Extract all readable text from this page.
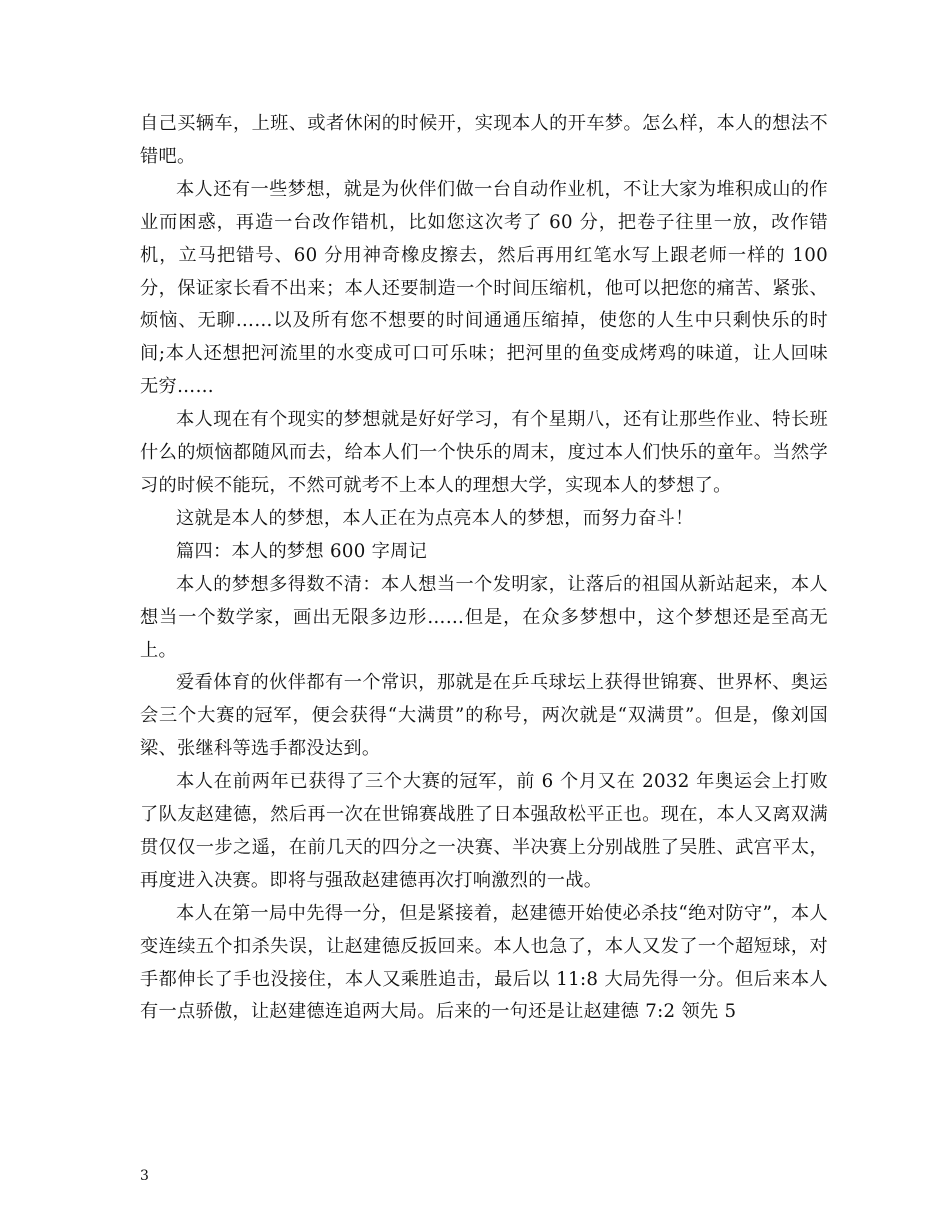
自己买辆车，上班、或者休闲的时候开，实现本人的开车梦。怎么样，本人的想法不错吧。

本人还有一些梦想，就是为伙伴们做一台自动作业机，不让大家为堆积成山的作业而困惑，再造一台改作错机，比如您这次考了 60 分，把卷子往里一放，改作错机，立马把错号、60 分用神奇橡皮擦去，然后再用红笔水写上跟老师一样的 100 分，保证家长看不出来；本人还要制造一个时间压缩机，他可以把您的痛苦、紧张、烦恼、无聊……以及所有您不想要的时间通通压缩掉，使您的人生中只剩快乐的时间;本人还想把河流里的水变成可口可乐味；把河里的鱼变成烤鸡的味道，让人回味无穷……

本人现在有个现实的梦想就是好好学习，有个星期八，还有让那些作业、特长班什么的烦恼都随风而去，给本人们一个快乐的周末，度过本人们快乐的童年。当然学习的时候不能玩，不然可就考不上本人的理想大学，实现本人的梦想了。

这就是本人的梦想，本人正在为点亮本人的梦想，而努力奋斗！

篇四：本人的梦想 600 字周记

本人的梦想多得数不清：本人想当一个发明家，让落后的祖国从新站起来，本人想当一个数学家，画出无限多边形……但是，在众多梦想中，这个梦想还是至高无上。

爱看体育的伙伴都有一个常识，那就是在乒乓球坛上获得世锦赛、世界杯、奥运会三个大赛的冠军，便会获得“大满贯”的称号，两次就是“双满贯”。但是，像刘国梁、张继科等选手都没达到。

本人在前两年已获得了三个大赛的冠军，前 6 个月又在 2032 年奥运会上打败了队友赵建德，然后再一次在世锦赛战胜了日本强敌松平正也。现在，本人又离双满贯仅仅一步之遥，在前几天的四分之一决赛、半决赛上分别战胜了吴胜、武宫平太，再度进入决赛。即将与强敌赵建德再次打响激烈的一战。

本人在第一局中先得一分，但是紧接着，赵建德开始使必杀技“绝对防守”，本人变连续五个扣杀失误，让赵建德反扳回来。本人也急了，本人又发了一个超短球，对手都伸长了手也没接住，本人又乘胜追击，最后以 11:8 大局先得一分。但后来本人有一点骄傲，让赵建德连追两大局。后来的一句还是让赵建德 7:2 领先 5

3
